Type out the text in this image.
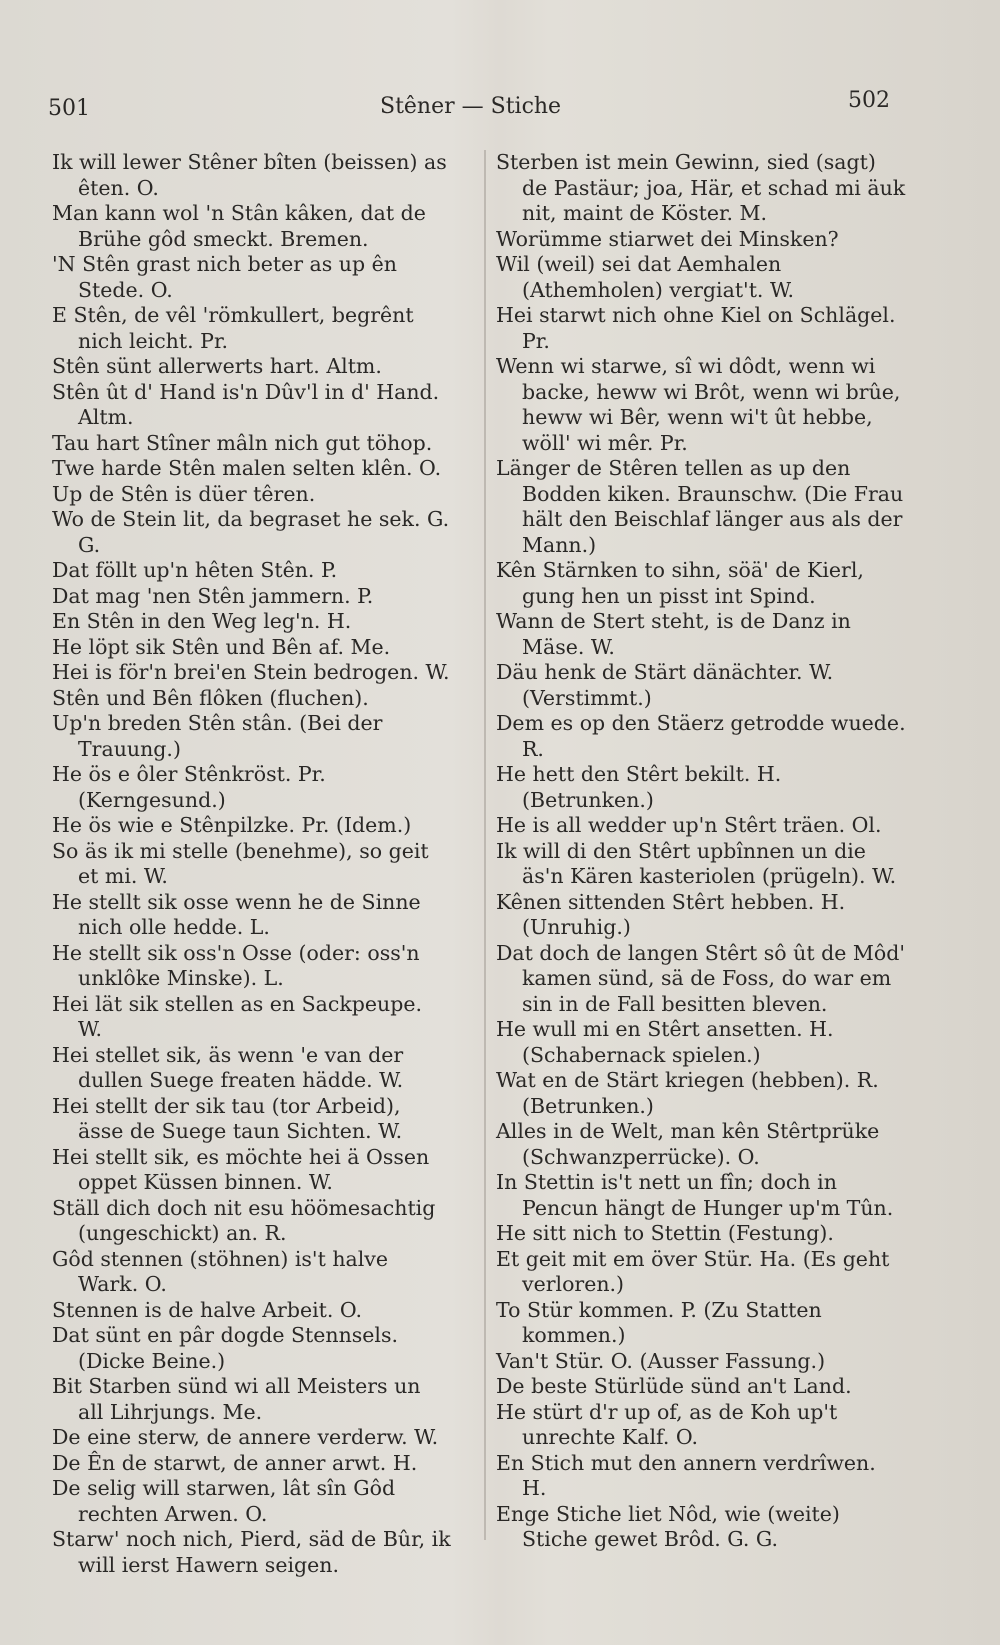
501	Stêner — Stiche	502

Ik will lewer Stêner bîten (beissen) as êten. O.

Man kann wol 'n Stân kâken, dat de Brühe gôd smeckt. Bremen.

'N Stên grast nich beter as up ên Stede. O.

E Stên, de vêl 'römkullert, begrênt nich leicht. Pr.

Stên sünt allerwerts hart. Altm.

Stên ût d' Hand is'n Dûv'l in d' Hand. Altm.

Tau hart Stîner mâln nich gut töhop.

Twe harde Stên malen selten klên. O.

Up de Stên is düer têren.

Wo de Stein lit, da begraset he sek. G. G.

Dat föllt up'n hêten Stên. P.

Dat mag 'nen Stên jammern. P.

En Stên in den Weg leg'n. H.

He löpt sik Stên und Bên af. Me.

Hei is för'n brei'en Stein bedrogen. W.

Stên und Bên flôken (fluchen).

Up'n breden Stên stân. (Bei der Trauung.)

He ös e ôler Stênkröst. Pr. (Kerngesund.)

He ös wie e Stênpilzke. Pr. (Idem.)

So äs ik mi stelle (benehme), so geit et mi. W.

He stellt sik osse wenn he de Sinne nich olle hedde. L.

He stellt sik oss'n Osse (oder: oss'n unklôke Minske). L.

Hei lät sik stellen as en Sackpeupe. W.

Hei stellet sik, äs wenn 'e van der dullen Suege freaten hädde. W.

Hei stellt der sik tau (tor Arbeid), ässe de Suege taun Sichten. W.

Hei stellt sik, es möchte hei ä Ossen oppet Küssen binnen. W.

Ställ dich doch nit esu höömesachtig (ungeschickt) an. R.

Gôd stennen (stöhnen) is't halve Wark. O.

Stennen is de halve Arbeit. O.

Dat sünt en pâr dogde Stennsels. (Dicke Beine.)

Bit Starben sünd wi all Meisters un all Lihrjungs. Me.

De eine sterw, de annere verderw. W.

De Ên de starwt, de anner arwt. H.

De selig will starwen, lât sîn Gôd rechten Arwen. O.

Starw' noch nich, Pierd, säd de Bûr, ik will ierst Hawern seigen.

Sterben ist mein Gewinn, sied (sagt) de Pastäur; joa, Här, et schad mi äuk nit, maint de Köster. M.

Worümme stiarwet dei Minsken?

Wil (weil) sei dat Aemhalen (Athemholen) vergiat't. W.

Hei starwt nich ohne Kiel on Schlägel. Pr.

Wenn wi starwe, sî wi dôdt, wenn wi backe, heww wi Brôt, wenn wi brûe, heww wi Bêr, wenn wi't ût hebbe, wöll' wi mêr. Pr.

Länger de Stêren tellen as up den Bodden kiken. Braunschw. (Die Frau hält den Beischlaf länger aus als der Mann.)

Kên Stärnken to sihn, söä' de Kierl, gung hen un pisst int Spind.

Wann de Stert steht, is de Danz in Mäse. W.

Däu henk de Stärt dänächter. W. (Verstimmt.)

Dem es op den Stäerz getrodde wuede. R.

He hett den Stêrt bekilt. H. (Betrunken.)

He is all wedder up'n Stêrt träen. Ol.

Ik will di den Stêrt upbînnen un die äs'n Kären kasteriolen (prügeln). W.

Kênen sittenden Stêrt hebben. H. (Unruhig.)

Dat doch de langen Stêrt sô ût de Môd' kamen sünd, sä de Foss, do war em sin in de Fall besitten bleven.

He wull mi en Stêrt ansetten. H. (Schabernack spielen.)

Wat en de Stärt kriegen (hebben). R. (Betrunken.)

Alles in de Welt, man kên Stêrtprüke (Schwanzperrücke). O.

In Stettin is't nett un fîn; doch in Pencun hängt de Hunger up'm Tûn.

He sitt nich to Stettin (Festung).

Et geit mit em över Stür. Ha. (Es geht verloren.)

To Stür kommen. P. (Zu Statten kommen.)

Van't Stür. O. (Ausser Fassung.)

De beste Stürlüde sünd an't Land.

He stürt d'r up of, as de Koh up't unrechte Kalf. O.

En Stich mut den annern verdrîwen. H.

Enge Stiche liet Nôd, wie (weite) Stiche gewet Brôd. G. G.
